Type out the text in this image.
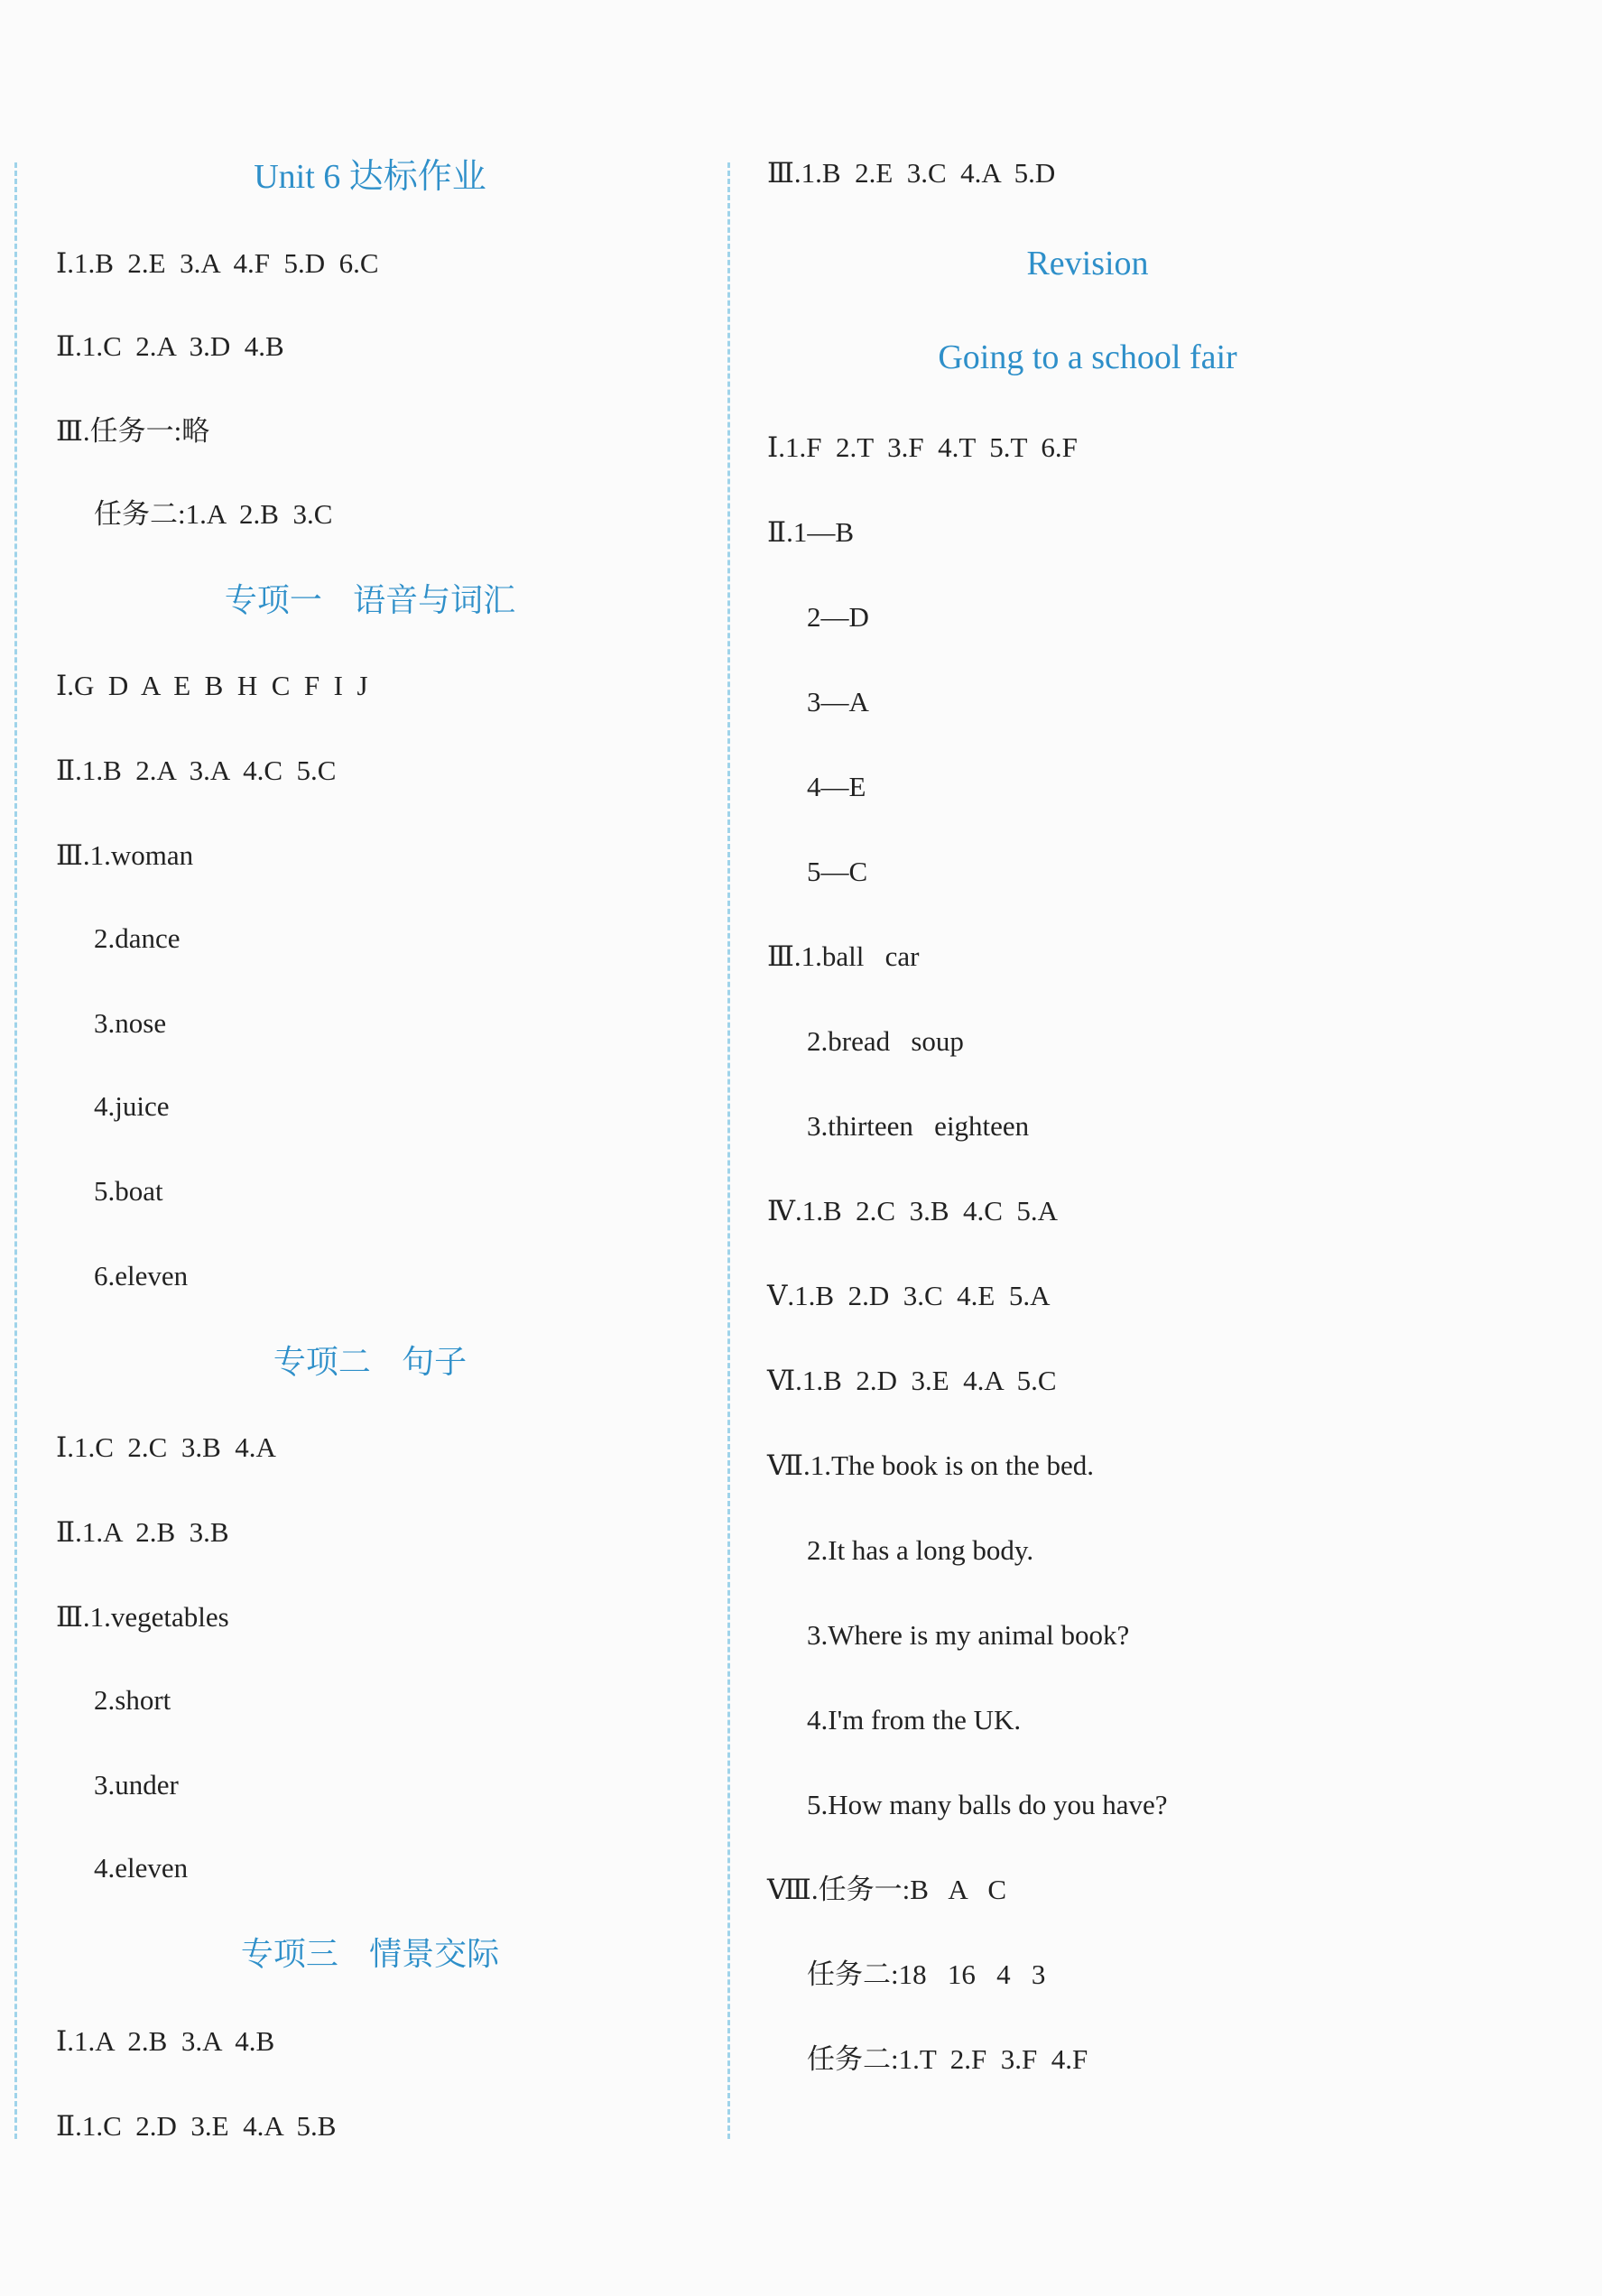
Unit 6 达标作业
Ⅰ.1.B  2.E  3.A  4.F  5.D  6.C
Ⅱ.1.C  2.A  3.D  4.B
Ⅲ.任务一:略
任务二:1.A  2.B  3.C
专项一   语音与词汇
Ⅰ.G  D  A  E  B  H  C  F  I  J
Ⅱ.1.B  2.A  3.A  4.C  5.C
Ⅲ.1.woman
2.dance
3.nose
4.juice
5.boat
6.eleven
专项二   句子
Ⅰ.1.C  2.C  3.B  4.A
Ⅱ.1.A  2.B  3.B
Ⅲ.1.vegetables
2.short
3.under
4.eleven
专项三   情景交际
Ⅰ.1.A  2.B  3.A  4.B
Ⅱ.1.C  2.D  3.E  4.A  5.B
Ⅲ.1.B  2.E  3.C  4.A  5.D
Revision
Going to a school fair
Ⅰ.1.F  2.T  3.F  4.T  5.T  6.F
Ⅱ.1—B
2—D
3—A
4—E
5—C
Ⅲ.1.ball   car
2.bread   soup
3.thirteen   eighteen
Ⅳ.1.B  2.C  3.B  4.C  5.A
Ⅴ.1.B  2.D  3.C  4.E  5.A
Ⅵ.1.B  2.D  3.E  4.A  5.C
Ⅶ.1.The book is on the bed.
2.It has a long body.
3.Where is my animal book?
4.I'm from the UK.
5.How many balls do you have?
Ⅷ.任务一:B   A   C
任务二:18   16   4   3
任务二:1.T  2.F  3.F  4.F
